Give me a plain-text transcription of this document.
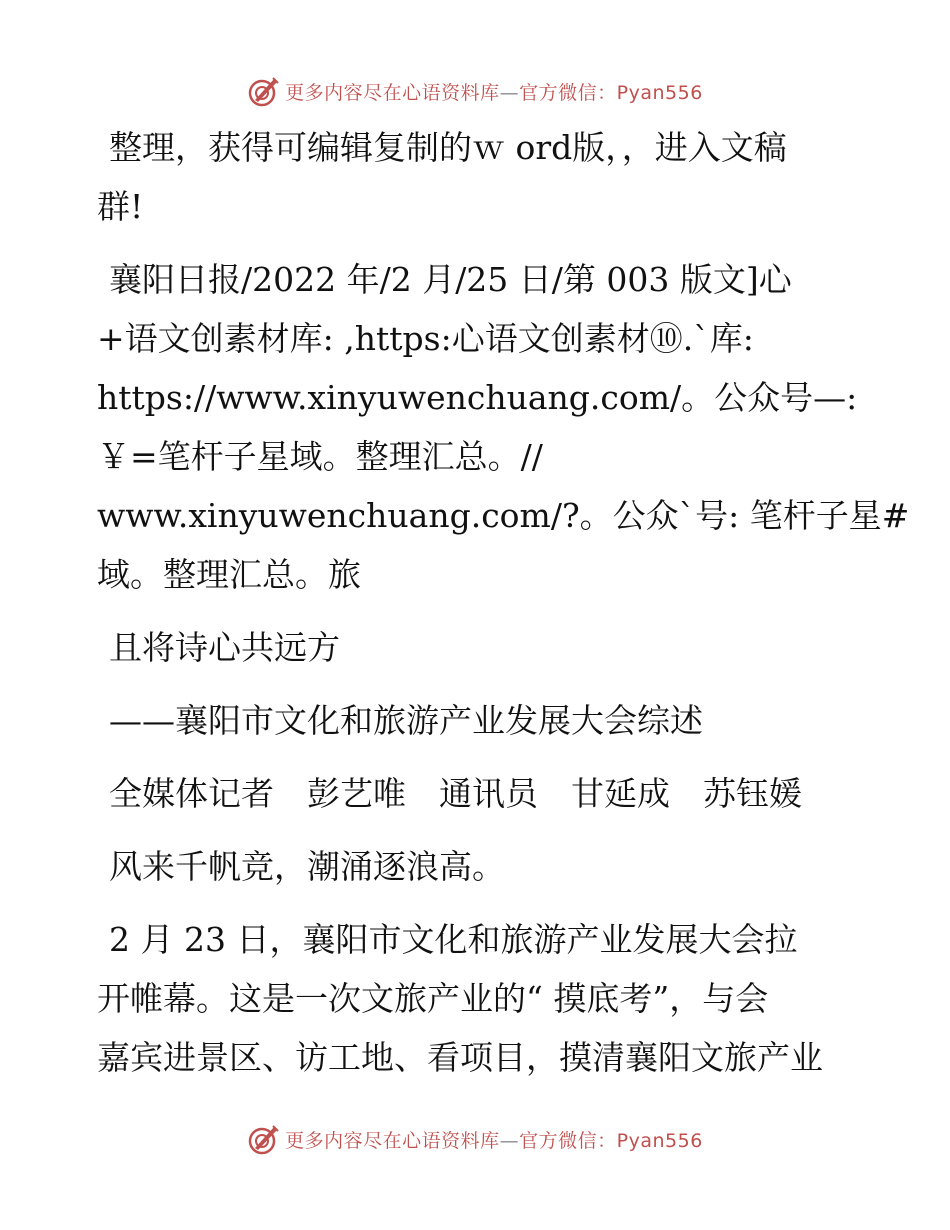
更多内容尽在心语资料库—官方微信：Pyan556

整理，获得可编辑复制的ｗ ord版，，进入文稿
群!

襄阳日报/2022 年/2 月/25 日/第 003 版文]心
+语文创素材库: ,https:心语文创素材⑩.`库:
https://www.xinyuwenchuang.com/。公众号—:
￥=笔杆子星域。整理汇总。//
www.xinyuwenchuang.com/?。公众`号: 笔杆子星#
域。整理汇总。旅

且将诗心共远方

——襄阳市文化和旅游产业发展大会综述

全媒体记者　彭艺唯　通讯员　甘延成　苏钰媛

风来千帆竞，潮涌逐浪高。

2 月 23 日，襄阳市文化和旅游产业发展大会拉
开帷幕。这是一次文旅产业的“ 摸底考”，与会
嘉宾进景区、访工地、看项目，摸清襄阳文旅产业

更多内容尽在心语资料库—官方微信：Pyan556
